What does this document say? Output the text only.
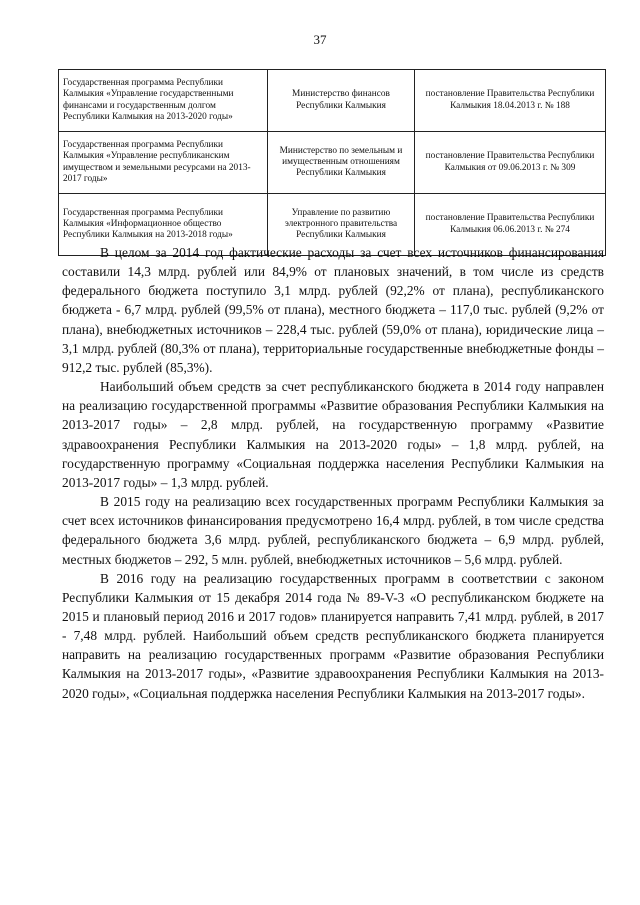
37
Государственная программа Республики Калмыкия «Управление государственными финансами и государственным долгом Республики Калмыкия на 2013-2020 годы»	Министерство финансов Республики Калмыкия	постановление Правительства Республики Калмыкия 18.04.2013 г. № 188
Государственная программа Республики Калмыкия «Управление республиканским имуществом и земельными ресурсами на 2013-2017 годы»	Министерство по земельным и имущественным отношениям Республики Калмыкия	постановление Правительства Республики Калмыкия от 09.06.2013 г. № 309
Государственная программа Республики Калмыкия «Информационное общество Республики Калмыкия на 2013-2018 годы»	Управление по развитию электронного правительства Республики Калмыкия	постановление Правительства Республики Калмыкия 06.06.2013 г. № 274

В целом за 2014 год фактические расходы за счет всех источников финансирования составили 14,3 млрд. рублей или 84,9% от плановых значений, в том числе из средств федерального бюджета поступило 3,1 млрд. рублей (92,2% от плана), республиканского бюджета - 6,7 млрд. рублей (99,5% от плана), местного бюджета – 117,0 тыс. рублей (9,2% от плана), внебюджетных источников – 228,4 тыс. рублей (59,0% от плана), юридические лица – 3,1 млрд. рублей (80,3% от плана), территориальные государственные внебюджетные фонды – 912,2 тыс. рублей (85,3%).

Наибольший объем средств за счет республиканского бюджета в 2014 году направлен на реализацию государственной программы «Развитие образования Республики Калмыкия на 2013-2017 годы» – 2,8 млрд. рублей, на государственную программу «Развитие здравоохранения Республики Калмыкия на 2013-2020 годы» – 1,8 млрд. рублей, на государственную программу «Социальная поддержка населения Республики Калмыкия на 2013-2017 годы» – 1,3 млрд. рублей.

В 2015 году на реализацию всех государственных программ Республики Калмыкия за счет всех источников финансирования предусмотрено 16,4 млрд. рублей, в том числе средства федерального бюджета 3,6 млрд. рублей, республиканского бюджета – 6,9 млрд. рублей, местных бюджетов – 292, 5 млн. рублей, внебюджетных источников – 5,6 млрд. рублей.

В 2016 году на реализацию государственных программ в соответствии с законом Республики Калмыкия от 15 декабря 2014 года № 89-V-3 «О республиканском бюджете на 2015 и плановый период 2016 и 2017 годов» планируется направить 7,41 млрд. рублей, в 2017 - 7,48 млрд. рублей. Наибольший объем средств республиканского бюджета планируется направить на реализацию государственных программ «Развитие образования Республики Калмыкия на 2013-2017 годы», «Развитие здравоохранения Республики Калмыкия на 2013-2020 годы», «Социальная поддержка населения Республики Калмыкия на 2013-2017 годы».
